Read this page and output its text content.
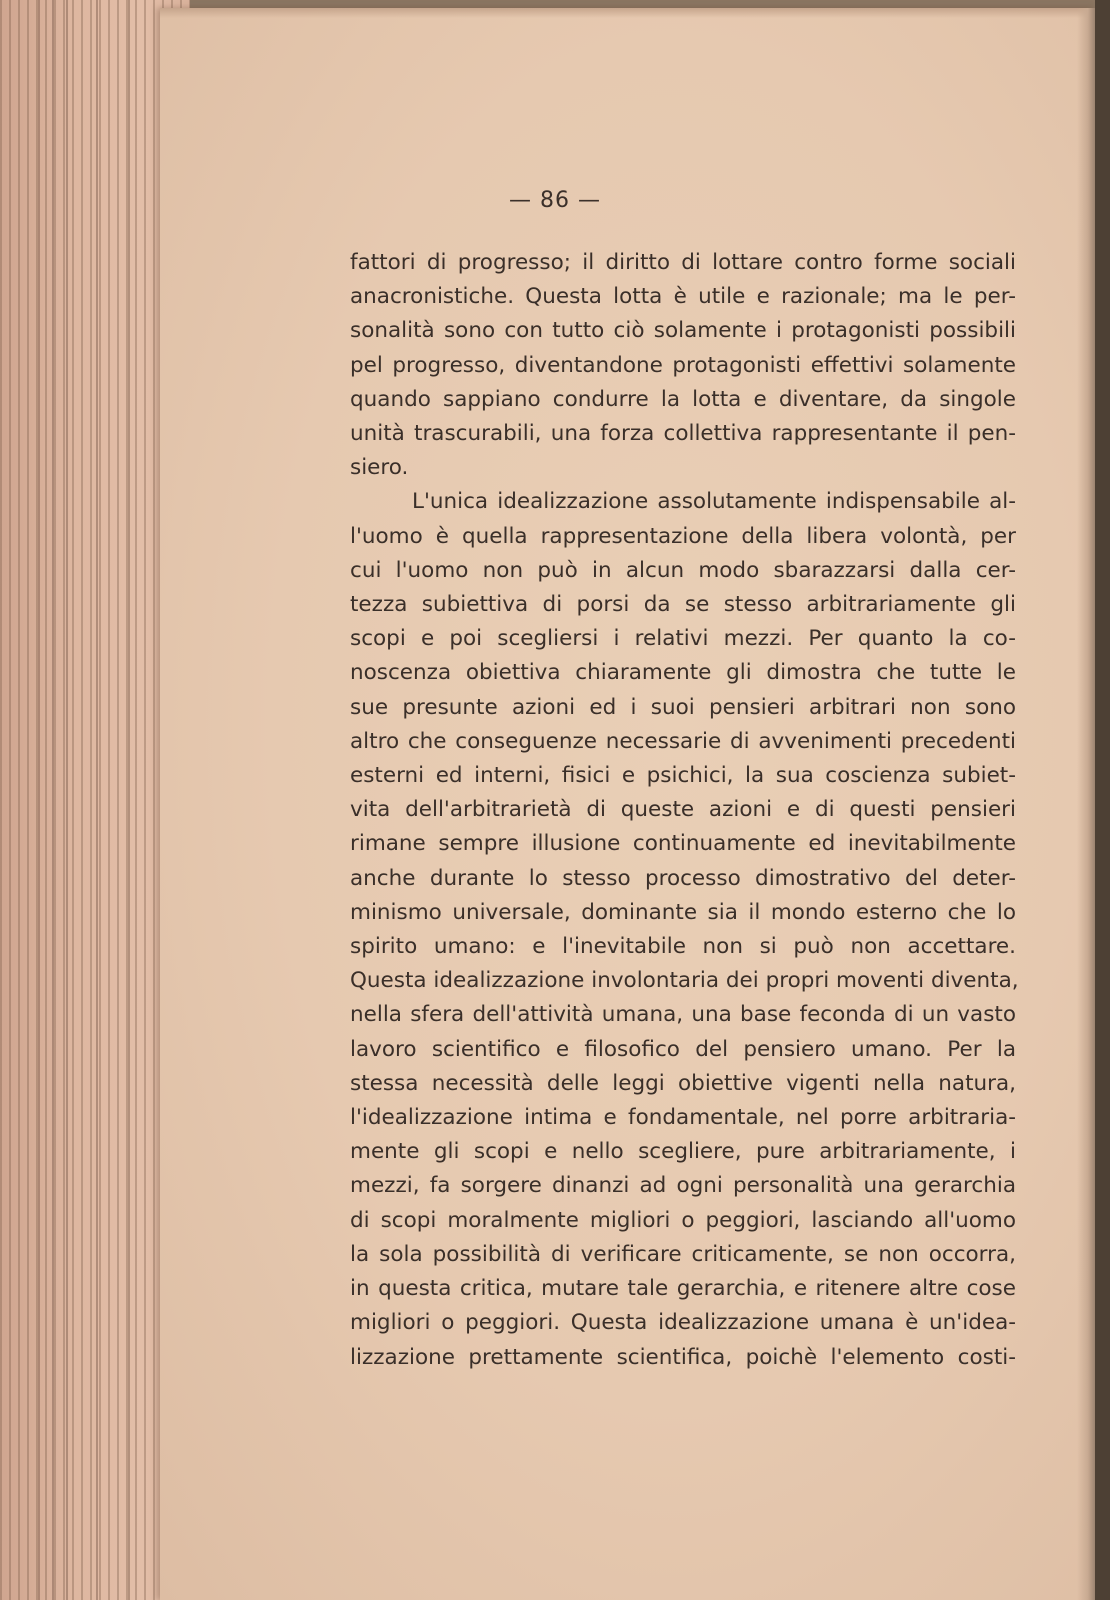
— 86 —
fattori di progresso; il diritto di lottare contro forme sociali
anacronistiche. Questa lotta è utile e razionale; ma le per-
sonalità sono con tutto ciò solamente i protagonisti possibili
pel progresso, diventandone protagonisti effettivi solamente
quando sappiano condurre la lotta e diventare, da singole
unità trascurabili, una forza collettiva rappresentante il pen-
siero.
L'unica idealizzazione assolutamente indispensabile al-
l'uomo è quella rappresentazione della libera volontà, per
cui l'uomo non può in alcun modo sbarazzarsi dalla cer-
tezza subiettiva di porsi da se stesso arbitrariamente gli
scopi e poi scegliersi i relativi mezzi. Per quanto la co-
noscenza obiettiva chiaramente gli dimostra che tutte le
sue presunte azioni ed i suoi pensieri arbitrari non sono
altro che conseguenze necessarie di avvenimenti precedenti
esterni ed interni, fisici e psichici, la sua coscienza subiet-
vita dell'arbitrarietà di queste azioni e di questi pensieri
rimane sempre illusione continuamente ed inevitabilmente
anche durante lo stesso processo dimostrativo del deter-
minismo universale, dominante sia il mondo esterno che lo
spirito umano: e l'inevitabile non si può non accettare.
Questa idealizzazione involontaria dei propri moventi diventa,
nella sfera dell'attività umana, una base feconda di un vasto
lavoro scientifico e filosofico del pensiero umano. Per la
stessa necessità delle leggi obiettive vigenti nella natura,
l'idealizzazione intima e fondamentale, nel porre arbitraria-
mente gli scopi e nello scegliere, pure arbitrariamente, i
mezzi, fa sorgere dinanzi ad ogni personalità una gerarchia
di scopi moralmente migliori o peggiori, lasciando all'uomo
la sola possibilità di verificare criticamente, se non occorra,
in questa critica, mutare tale gerarchia, e ritenere altre cose
migliori o peggiori. Questa idealizzazione umana è un'idea-
lizzazione prettamente scientifica, poichè l'elemento costi-
